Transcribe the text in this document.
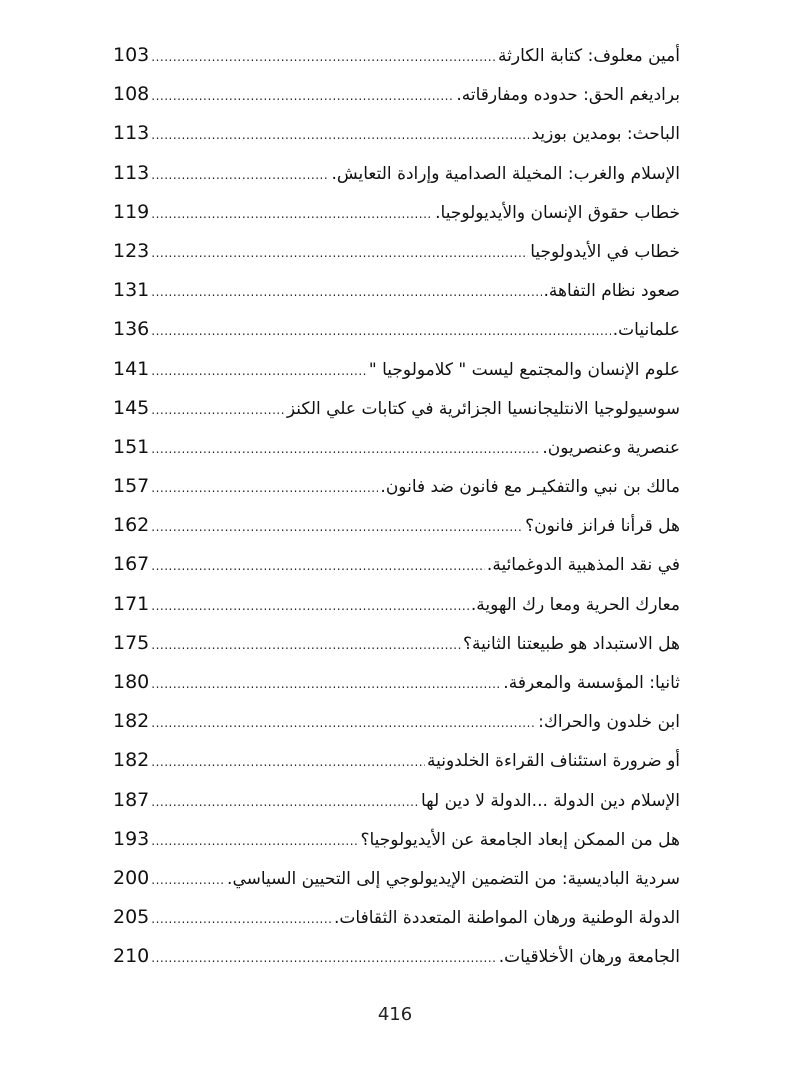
أمين معلوف: كتابة الكارثة
.....
103
براديغم الحق: حدوده ومفارقاته.
.....
108
الباحث: بومدين بوزيد
.....
113
الإسلام والغرب: المخيلة الصدامية وإرادة التعايش.
.....
113
خطاب حقوق الإنسان والأيديولوجيا.
.....
119
خطاب في الأيدولوجيا
.....
123
صعود نظام التفاهة.
.....
131
علمانيات.
.....
136
علوم الإنسان والمجتمع ليست " كلامولوجيا "
.....
141
سوسيولوجيا الانتليجانسيا الجزائرية في كتابات علي الكنز
.....
145
عنصرية وعنصريون.
.....
151
مالك بن نبي والتفكيـر مع فانون ضد فانون.
.....
157
هل قرأنا فرانز فانون؟
.....
162
في نقد المذهبية الدوغمائية.
.....
167
معارك الحرية ومعا رك الهوية.
.....
171
هل الاستبداد هو طبيعتنا الثانية؟
.....
175
ثانيا: المؤسسة والمعرفة.
.....
180
ابن خلدون والحراك:
.....
182
أو ضرورة استئناف القراءة الخلدونية
.....
182
الإسلام دين الدولة ...الدولة لا دين لها
.....
187
هل من الممكن إبعاد الجامعة عن الأيديولوجيا؟
.....
193
سردية الباديسية: من التضمين الإيديولوجي إلى التحيين السياسي.
.....
200
الدولة الوطنية ورهان المواطنة المتعددة الثقافات.
.....
205
الجامعة ورهان الأخلاقيات.
.....
210
416
